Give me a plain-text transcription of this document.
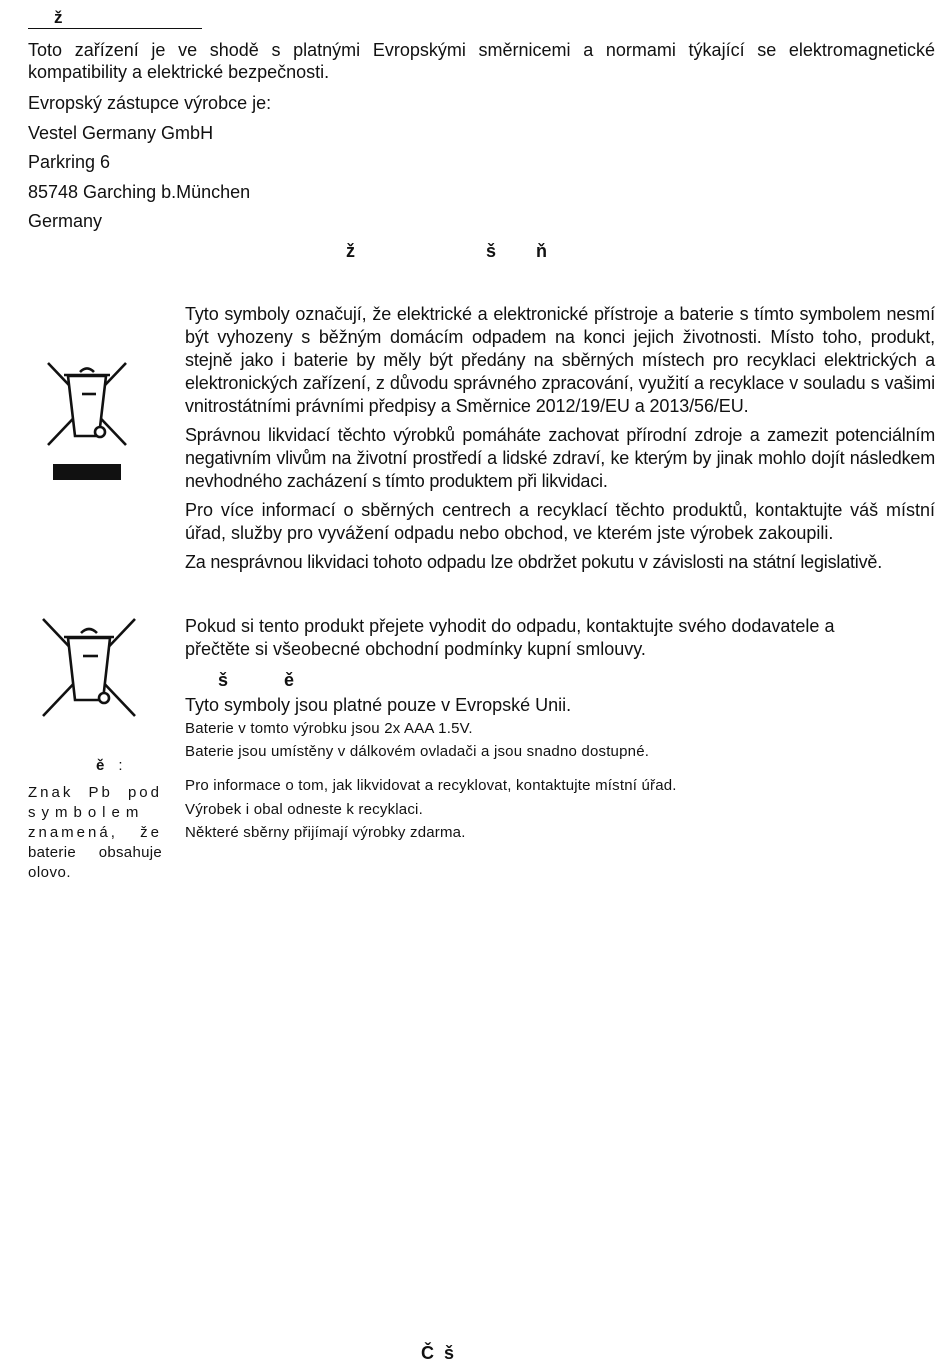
ž
Toto zařízení je ve shodě s platnými Evropskými směrnicemi a normami týkající se elektromagnetické kompatibility a elektrické bezpečnosti.
Evropský zástupce výrobce je:
Vestel Germany GmbH
Parkring 6
85748 Garching b.München
Germany
ž	š ň
Tyto symboly označují, že elektrické a elektronické přístroje a baterie s tímto symbolem nesmí být vyhozeny s běžným domácím odpadem na konci jejich životnosti. Místo toho, produkt, stejně jako i baterie by měly být předány na sběrných místech pro recyklaci elektrických a elektronických zařízení, z důvodu správného zpracování, využití a recyklace v souladu s vašimi vnitrostátními právními předpisy a Směrnice 2012/19/EU a 2013/56/EU.
Správnou likvidací těchto výrobků pomáháte zachovat přírodní zdroje a zamezit potenciálním negativním vlivům na životní prostředí a lidské zdraví, ke kterým by jinak mohlo dojít následkem nevhodného zacházení s tímto produktem při likvidaci.
Pro více informací o sběrných centrech a recyklací těchto produktů, kontaktujte váš místní úřad, služby pro vyvážení odpadu nebo obchod, ve kterém jste výrobek zakoupili.
Za nesprávnou likvidaci tohoto odpadu lze obdržet pokutu v závislosti na státní legislativě.
Pokud si tento produkt přejete vyhodit do odpadu, kontaktujte svého dodavatele a přečtěte si všeobecné obchodní podmínky kupní smlouvy.
š	ě
Tyto symboly jsou platné pouze v Evropské Unii.
Baterie v tomto výrobku jsou 2x AAA 1.5V.
Baterie jsou umístěny v dálkovém ovladači a jsou snadno dostupné.
Pro informace o tom, jak likvidovat a recyklovat, kontaktujte místní úřad.
Výrobek i obal odneste k recyklaci.
Některé sběrny přijímají výrobky zdarma.
ě :
Znak Pb pod
symbolem
znamená, že
baterie obsahuje
olovo.
Č  š
